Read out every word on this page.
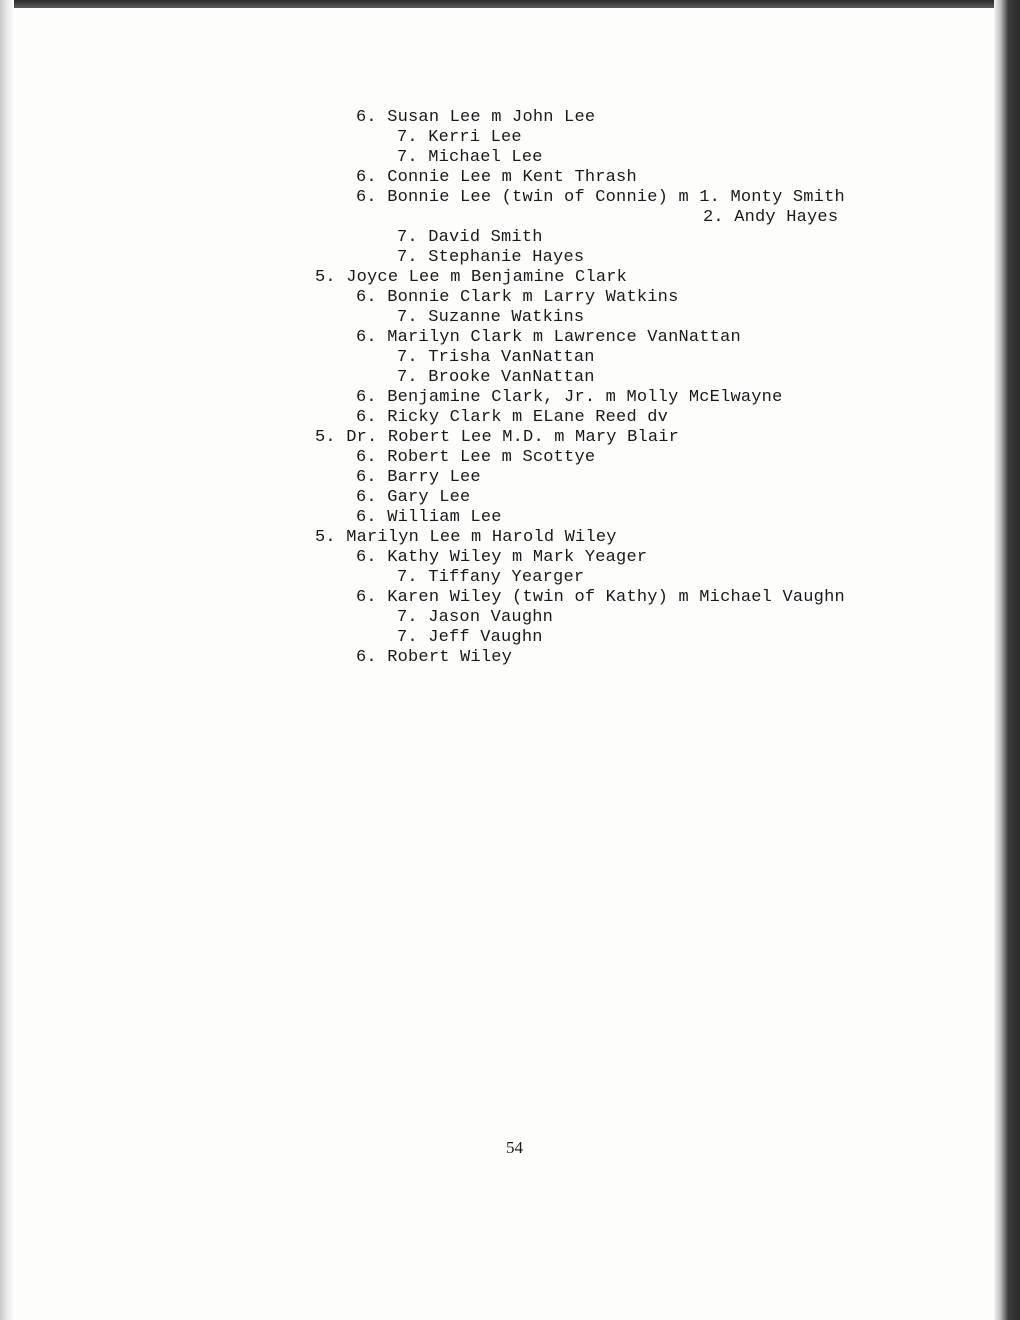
6. Susan Lee m John Lee
7. Kerri Lee
7. Michael Lee
6. Connie Lee m Kent Thrash
6. Bonnie Lee (twin of Connie) m 1. Monty Smith
2. Andy Hayes
7. David Smith
7. Stephanie Hayes
5. Joyce Lee m Benjamine Clark
6. Bonnie Clark m Larry Watkins
7. Suzanne Watkins
6. Marilyn Clark m Lawrence VanNattan
7. Trisha VanNattan
7. Brooke VanNattan
6. Benjamine Clark, Jr. m Molly McElwayne
6. Ricky Clark m ELane Reed dv
5. Dr. Robert Lee M.D. m Mary Blair
6. Robert Lee m Scottye
6. Barry Lee
6. Gary Lee
6. William Lee
5. Marilyn Lee m Harold Wiley
6. Kathy Wiley m Mark Yeager
7. Tiffany Yearger
6. Karen Wiley (twin of Kathy) m Michael Vaughn
7. Jason Vaughn
7. Jeff Vaughn
6. Robert Wiley
54
